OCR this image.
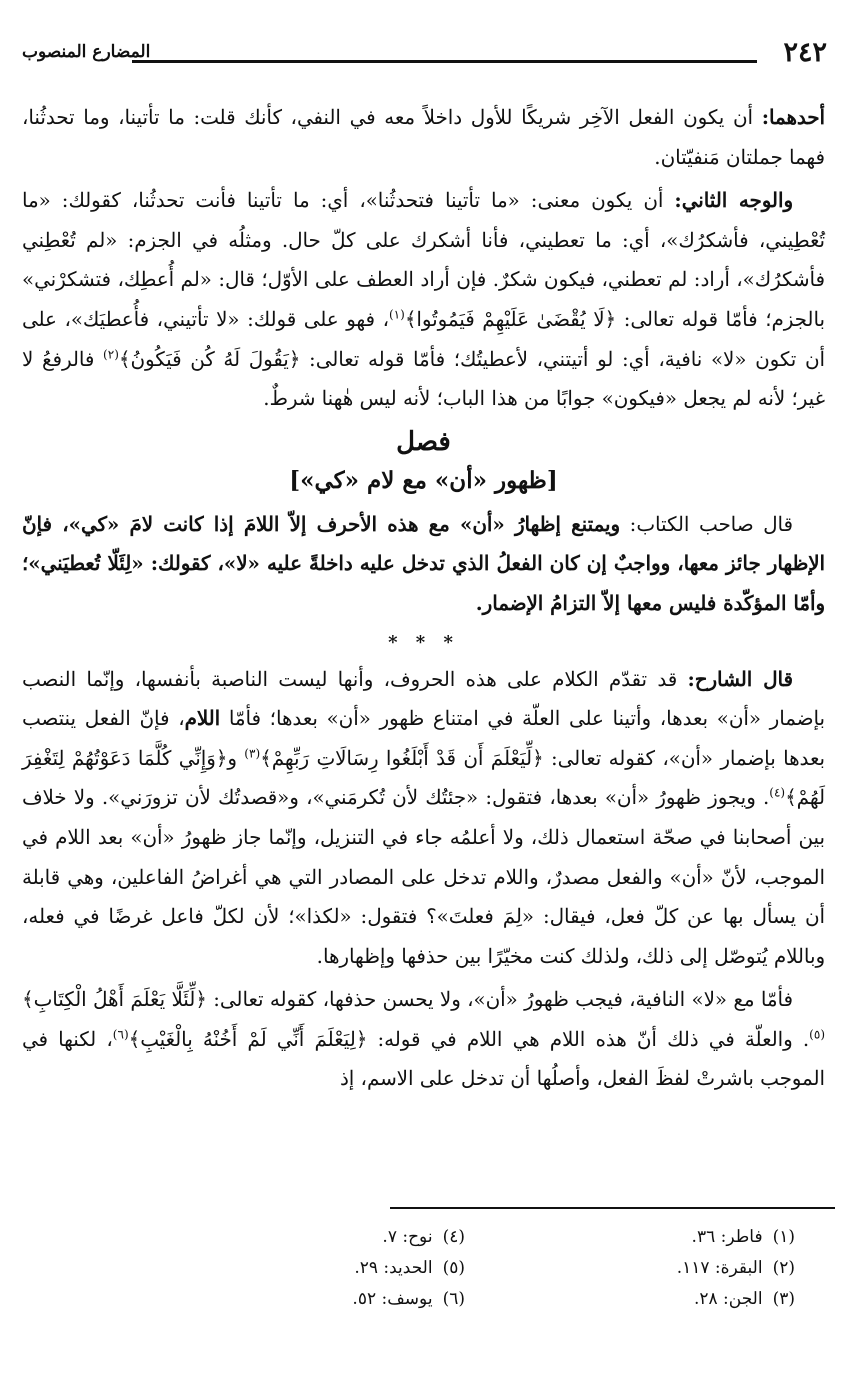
٢٤٢
المضارع المنصوب

أحدهما: أن يكون الفعل الآخِر شريكًا للأول داخلاً معه في النفي، كأنك قلت: ما تأتينا، وما تحدثُنا، فهما جملتان مَنفيّتان.

والوجه الثاني: أن يكون معنى: «ما تأتينا فتحدثُنا»، أي: ما تأتينا فأنت تحدثُنا، كقولك: «ما تُعْطِيني، فأشكرُك»، أي: ما تعطيني، فأنا أشكرك على كلّ حال. ومثلُه في الجزم: «لم تُعْطِني فأشكرُك»، أراد: لم تعطني، فيكون شكرٌ. فإن أراد العطف على الأوّل؛ قال: «لم أُعطِك، فتشكرْني» بالجزم؛ فأمّا قوله تعالى: ﴿لَا يُقْضَىٰ عَلَيْهِمْ فَيَمُوتُوا﴾$^{(١)}$، فهو على قولك: «لا تأتيني، فأُعطيَك»، على أن تكون «لا» نافية، أي: لو أتيتني، لأعطيتُك؛ فأمّا قوله تعالى: ﴿يَقُولَ لَهُ كُن فَيَكُونُ﴾$^{(٢)}$ فالرفعُ لا غير؛ لأنه لم يجعل «فيكون» جوابًا من هذا الباب؛ لأنه ليس هٰهنا شرطٌ.

فصل
[ظهور «أن» مع لام «كي»]

قال صاحب الكتاب: ويمتنع إظهارُ «أن» مع هذه الأحرف إلاّ اللامَ إذا كانت لامَ «كي»، فإنّ الإظهار جائز معها، وواجبٌ إن كان الفعلُ الذي تدخل عليه داخلةً عليه «لا»، كقولك: «لِئَلّا تُعطيَني»؛ وأمّا المؤكّدة فليس معها إلاّ التزامُ الإضمار.

* * *

قال الشارح: قد تقدّم الكلام على هذه الحروف، وأنها ليست الناصبة بأنفسها، وإنّما النصب بإضمار «أن» بعدها، وأتينا على العلّة في امتناع ظهور «أن» بعدها؛ فأمّا اللام، فإنّ الفعل ينتصب بعدها بإضمار «أن»، كقوله تعالى: ﴿لِّيَعْلَمَ أَن قَدْ أَبْلَغُوا رِسَالَاتِ رَبِّهِمْ﴾$^{(٣)}$ و﴿وَإِنِّي كُلَّمَا دَعَوْتُهُمْ لِتَغْفِرَ لَهُمْ﴾$^{(٤)}$. ويجوز ظهورُ «أن» بعدها، فتقول: «جئتُك لأن تُكرمَني»، و«قصدتُك لأن تزورَني». ولا خلاف بين أصحابنا في صحّة استعمال ذلك، ولا أعلمُه جاء في التنزيل، وإنّما جاز ظهورُ «أن» بعد اللام في الموجب، لأنّ «أن» والفعل مصدرٌ، واللام تدخل على المصادر التي هي أغراضُ الفاعلين، وهي قابلة أن يسأل بها عن كلّ فعل، فيقال: «لِمَ فعلتَ»؟ فتقول: «لكذا»؛ لأن لكلّ فاعل غرضًا في فعله، وباللام يُتوصّل إلى ذلك، ولذلك كنت مخيّرًا بين حذفها وإظهارها.

فأمّا مع «لا» النافية، فيجب ظهورُ «أن»، ولا يحسن حذفها، كقوله تعالى: ﴿لِّئَلَّا يَعْلَمَ أَهْلُ الْكِتَابِ﴾$^{(٥)}$. والعلّة في ذلك أنّ هذه اللام هي اللام في قوله: ﴿لِيَعْلَمَ أَنِّي لَمْ أَخُنْهُ بِالْغَيْبِ﴾$^{(٦)}$، لكنها في الموجب باشرتْ لفظَ الفعل، وأصلُها أن تدخل على الاسم، إذ

(١)فاطر: ٣٦.
(٢)البقرة: ١١٧.
(٣)الجن: ٢٨.
(٤)نوح: ٧.
(٥)الحديد: ٢٩.
(٦)يوسف: ٥٢.
